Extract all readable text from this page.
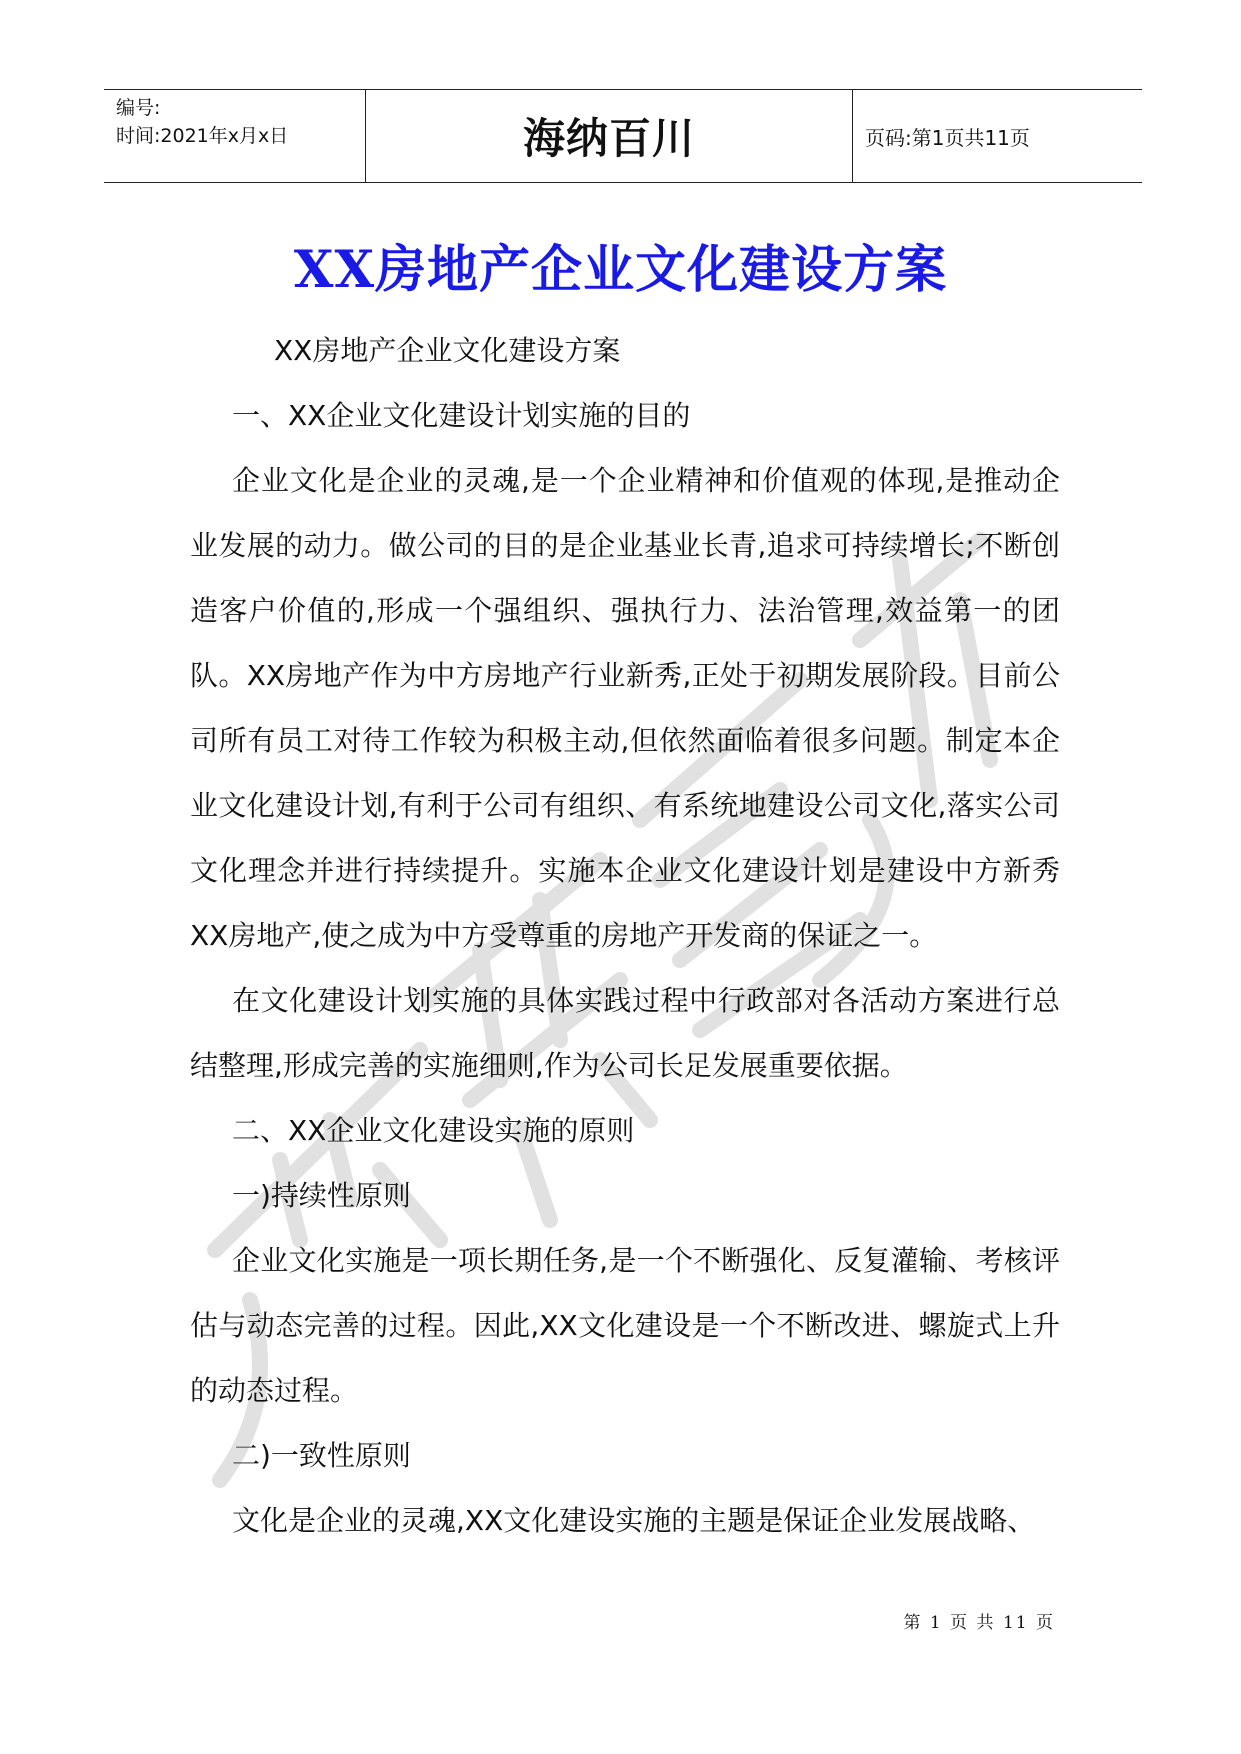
编号:
时间:2021年x月x日	海纳百川	页码:第1页共11页
XX房地产企业文化建设方案

XX房地产企业文化建设方案

一、XX企业文化建设计划实施的目的

企业文化是企业的灵魂,是一个企业精神和价值观的体现,是推动企业发展的动力。做公司的目的是企业基业长青,追求可持续增长;不断创造客户价值的,形成一个强组织、强执行力、法治管理,效益第一的团队。XX房地产作为中方房地产行业新秀,正处于初期发展阶段。目前公司所有员工对待工作较为积极主动,但依然面临着很多问题。制定本企业文化建设计划,有利于公司有组织、有系统地建设公司文化,落实公司文化理念并进行持续提升。实施本企业文化建设计划是建设中方新秀XX房地产,使之成为中方受尊重的房地产开发商的保证之一。

在文化建设计划实施的具体实践过程中行政部对各活动方案进行总结整理,形成完善的实施细则,作为公司长足发展重要依据。

二、XX企业文化建设实施的原则

一)持续性原则

企业文化实施是一项长期任务,是一个不断强化、反复灌输、考核评估与动态完善的过程。因此,XX文化建设是一个不断改进、螺旋式上升的动态过程。

二)一致性原则

文化是企业的灵魂,XX文化建设实施的主题是保证企业发展战略、

第 1 页 共 11 页
